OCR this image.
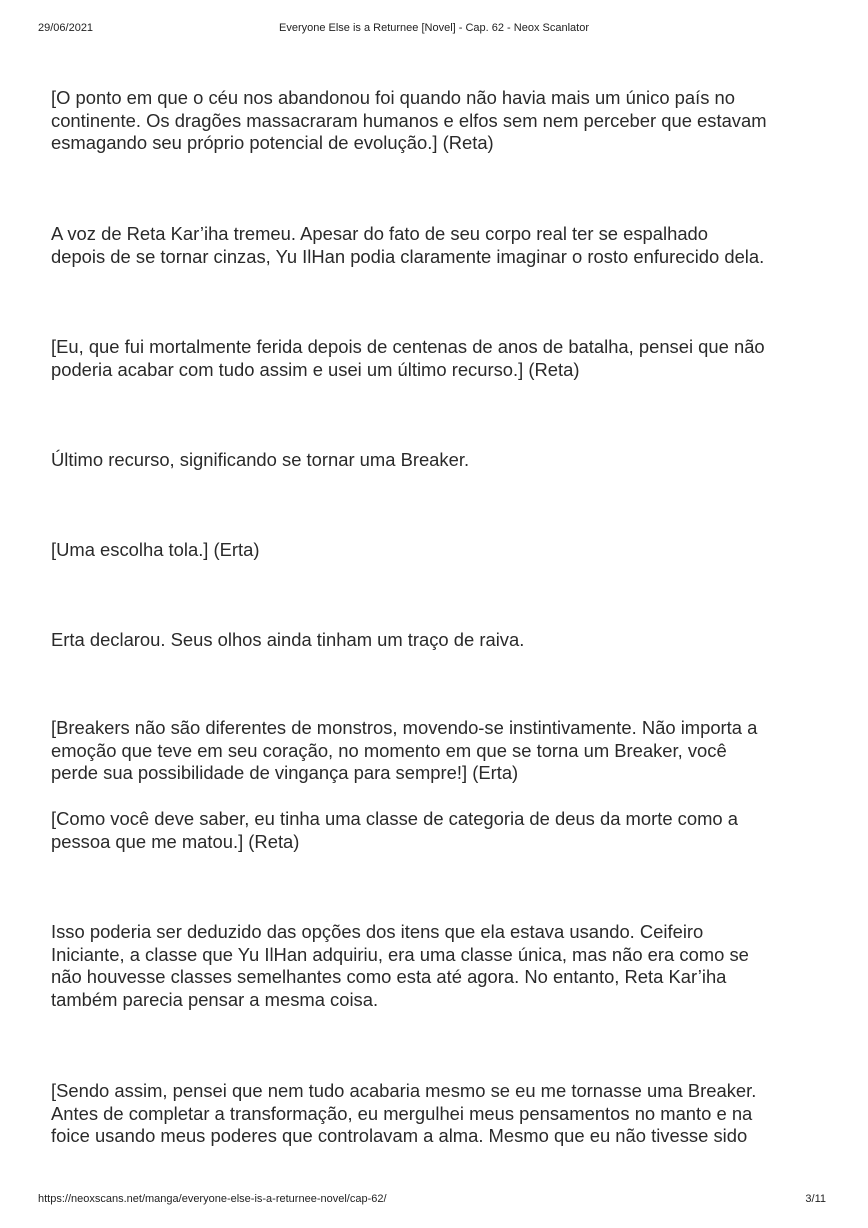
29/06/2021	Everyone Else is a Returnee [Novel] - Cap. 62 - Neox Scanlator

[O ponto em que o céu nos abandonou foi quando não havia mais um único país no
continente. Os dragões massacraram humanos e elfos sem nem perceber que estavam
esmagando seu próprio potencial de evolução.] (Reta)

A voz de Reta Kar’iha tremeu. Apesar do fato de seu corpo real ter se espalhado
depois de se tornar cinzas, Yu IlHan podia claramente imaginar o rosto enfurecido dela.

[Eu, que fui mortalmente ferida depois de centenas de anos de batalha, pensei que não
poderia acabar com tudo assim e usei um último recurso.] (Reta)

Último recurso, significando se tornar uma Breaker.

[Uma escolha tola.] (Erta)

Erta declarou. Seus olhos ainda tinham um traço de raiva.

[Breakers não são diferentes de monstros, movendo-se instintivamente. Não importa a
emoção que teve em seu coração, no momento em que se torna um Breaker, você
perde sua possibilidade de vingança para sempre!] (Erta)

[Como você deve saber, eu tinha uma classe de categoria de deus da morte como a
pessoa que me matou.] (Reta)

Isso poderia ser deduzido das opções dos itens que ela estava usando. Ceifeiro
Iniciante, a classe que Yu IlHan adquiriu, era uma classe única, mas não era como se
não houvesse classes semelhantes como esta até agora. No entanto, Reta Kar’iha
também parecia pensar a mesma coisa.

[Sendo assim, pensei que nem tudo acabaria mesmo se eu me tornasse uma Breaker.
Antes de completar a transformação, eu mergulhei meus pensamentos no manto e na
foice usando meus poderes que controlavam a alma. Mesmo que eu não tivesse sido

https://neoxscans.net/manga/everyone-else-is-a-returnee-novel/cap-62/	3/11
